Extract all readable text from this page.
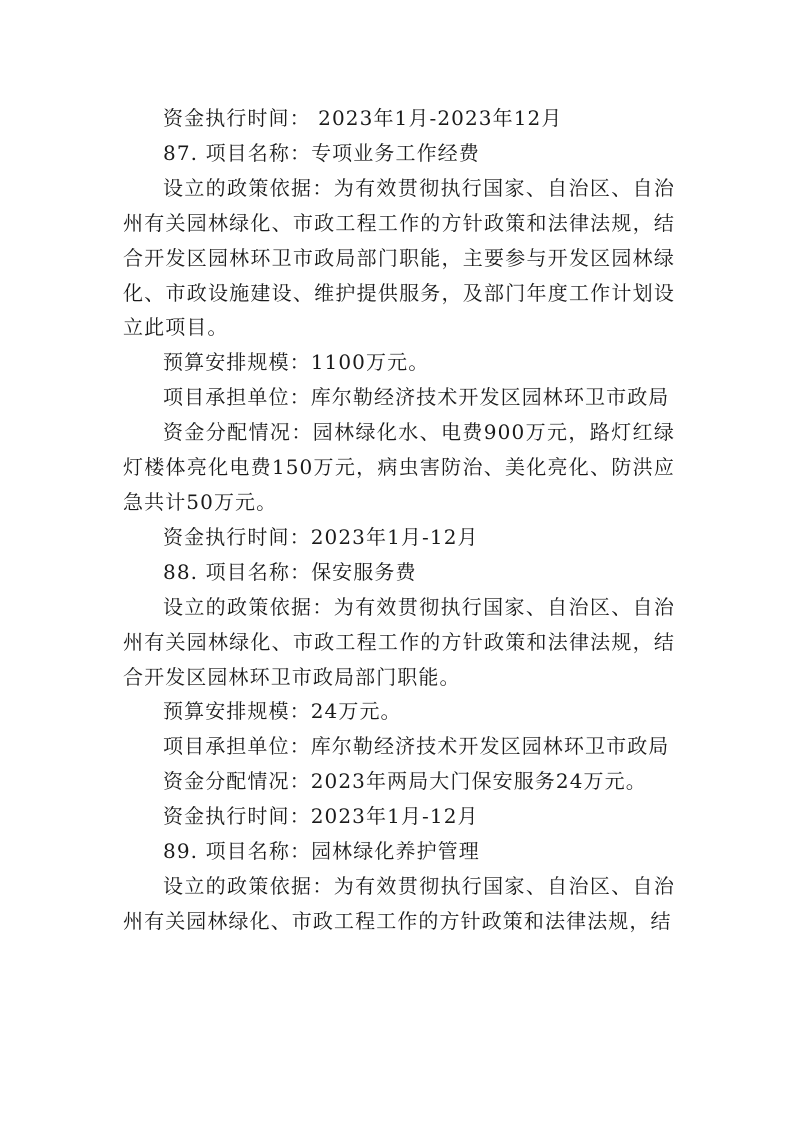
资金执行时间： 2023年1月-2023年12月

87. 项目名称：专项业务工作经费

设立的政策依据：为有效贯彻执行国家、自治区、自治州有关园林绿化、市政工程工作的方针政策和法律法规，结合开发区园林环卫市政局部门职能，主要参与开发区园林绿化、市政设施建设、维护提供服务，及部门年度工作计划设立此项目。

预算安排规模：1100万元。

项目承担单位：库尔勒经济技术开发区园林环卫市政局

资金分配情况：园林绿化水、电费900万元，路灯红绿灯楼体亮化电费150万元，病虫害防治、美化亮化、防洪应急共计50万元。

资金执行时间：2023年1月-12月

88. 项目名称：保安服务费

设立的政策依据：为有效贯彻执行国家、自治区、自治州有关园林绿化、市政工程工作的方针政策和法律法规，结合开发区园林环卫市政局部门职能。

预算安排规模：24万元。

项目承担单位：库尔勒经济技术开发区园林环卫市政局

资金分配情况：2023年两局大门保安服务24万元。

资金执行时间：2023年1月-12月

89. 项目名称：园林绿化养护管理

设立的政策依据：为有效贯彻执行国家、自治区、自治州有关园林绿化、市政工程工作的方针政策和法律法规，结
